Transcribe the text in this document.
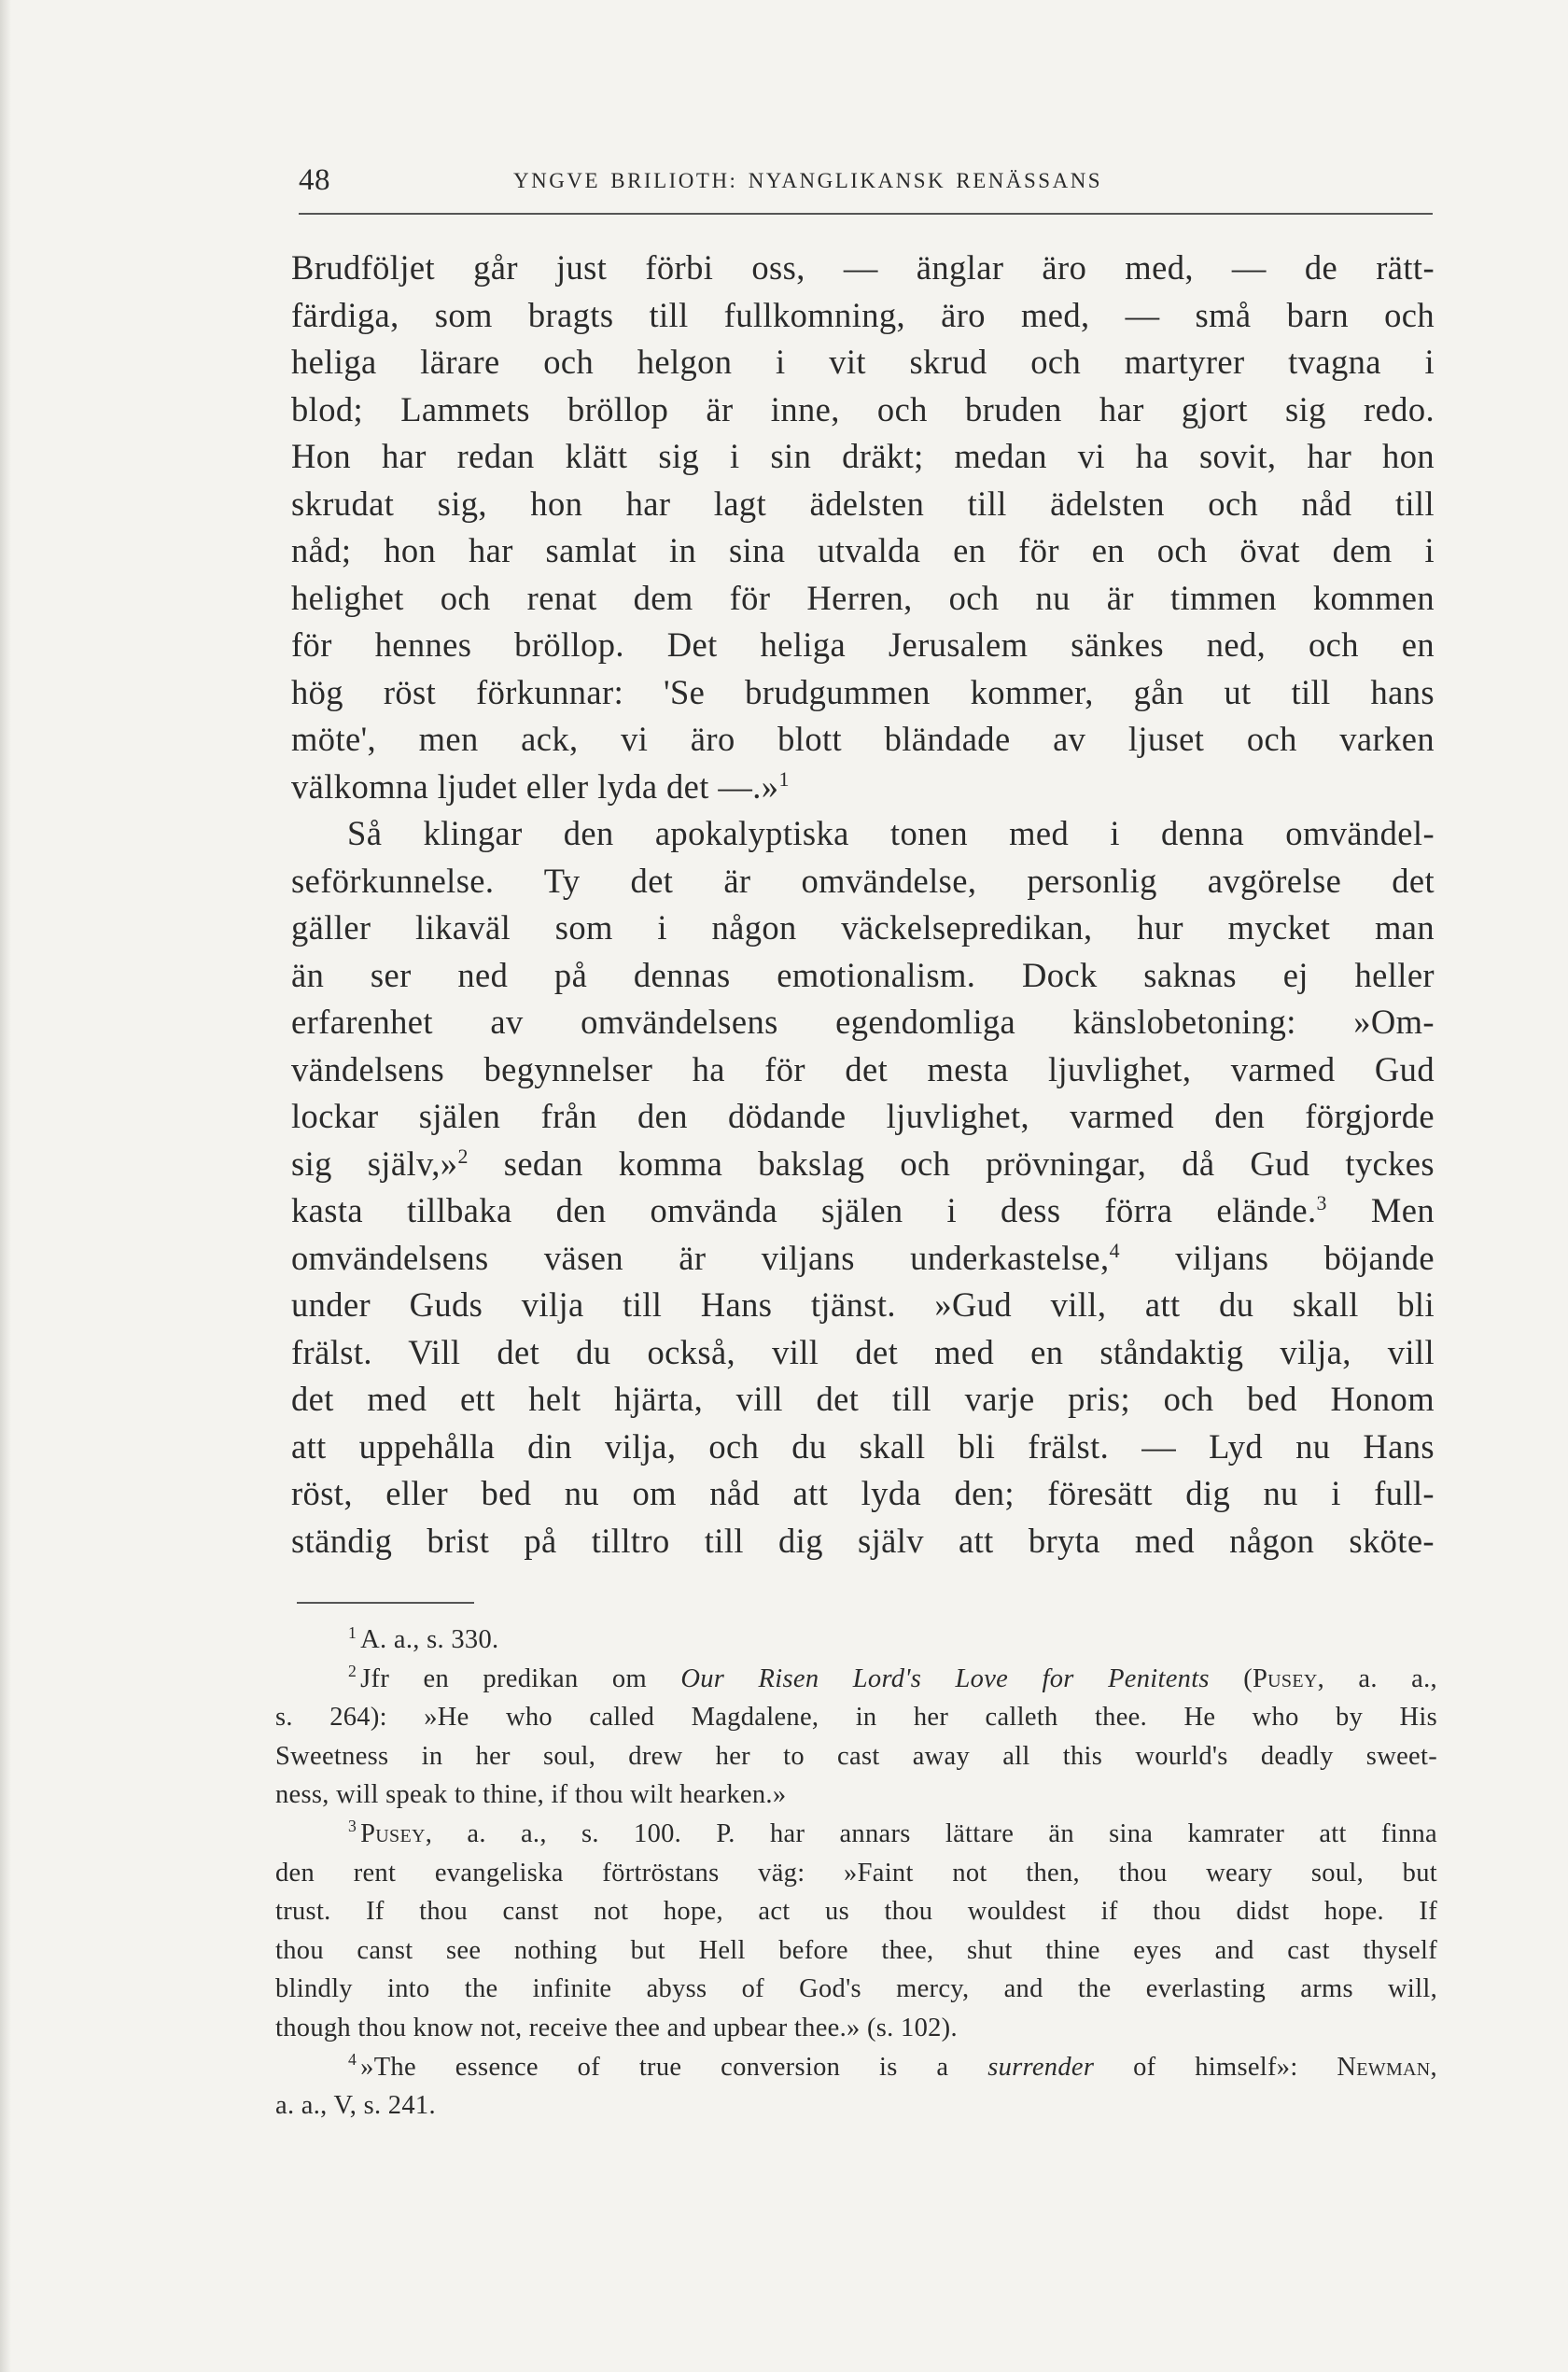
48	YNGVE BRILIOTH: NYANGLIKANSK RENÄSSANS
Brudföljet går just förbi oss, — änglar äro med, — de rätt-
färdiga, som bragts till fullkomning, äro med, — små barn och
heliga lärare och helgon i vit skrud och martyrer tvagna i
blod; Lammets bröllop är inne, och bruden har gjort sig redo.
Hon har redan klätt sig i sin dräkt; medan vi ha sovit, har hon
skrudat sig, hon har lagt ädelsten till ädelsten och nåd till
nåd; hon har samlat in sina utvalda en för en och övat dem i
helighet och renat dem för Herren, och nu är timmen kommen
för hennes bröllop. Det heliga Jerusalem sänkes ned, och en
hög röst förkunnar: 'Se brudgummen kommer, gån ut till hans
möte', men ack, vi äro blott bländade av ljuset och varken
välkomna ljudet eller lyda det —.»$^1$
Så klingar den apokalyptiska tonen med i denna omvändel-
seförkunnelse. Ty det är omvändelse, personlig avgörelse det
gäller likaväl som i någon väckelsepredikan, hur mycket man
än ser ned på dennas emotionalism. Dock saknas ej heller
erfarenhet av omvändelsens egendomliga känslobetoning: »Om-
vändelsens begynnelser ha för det mesta ljuvlighet, varmed Gud
lockar själen från den dödande ljuvlighet, varmed den förgjorde
sig själv,»$^2$ sedan komma bakslag och prövningar, då Gud tyckes
kasta tillbaka den omvända själen i dess förra elände.$^3$ Men
omvändelsens väsen är viljans underkastelse,$^4$ viljans böjande
under Guds vilja till Hans tjänst. »Gud vill, att du skall bli
frälst. Vill det du också, vill det med en ståndaktig vilja, vill
det med ett helt hjärta, vill det till varje pris; och bed Honom
att uppehålla din vilja, och du skall bli frälst. — Lyd nu Hans
röst, eller bed nu om nåd att lyda den; föresätt dig nu i full-
ständig brist på tilltro till dig själv att bryta med någon sköte-
$^1$ A. a., s. 330.
$^2$ Jfr en predikan om Our Risen Lord's Love for Penitents (Pusey, a. a.,
s. 264): »He who called Magdalene, in her calleth thee. He who by His
Sweetness in her soul, drew her to cast away all this wourld's deadly sweet-
ness, will speak to thine, if thou wilt hearken.»
$^3$ Pusey, a. a., s. 100. P. har annars lättare än sina kamrater att finna
den rent evangeliska förtröstans väg: »Faint not then, thou weary soul, but
trust. If thou canst not hope, act us thou wouldest if thou didst hope. If
thou canst see nothing but Hell before thee, shut thine eyes and cast thyself
blindly into the infinite abyss of God's mercy, and the everlasting arms will,
though thou know not, receive thee and upbear thee.» (s. 102).
$^4$ »The essence of true conversion is a surrender of himself»: Newman,
a. a., V, s. 241.
